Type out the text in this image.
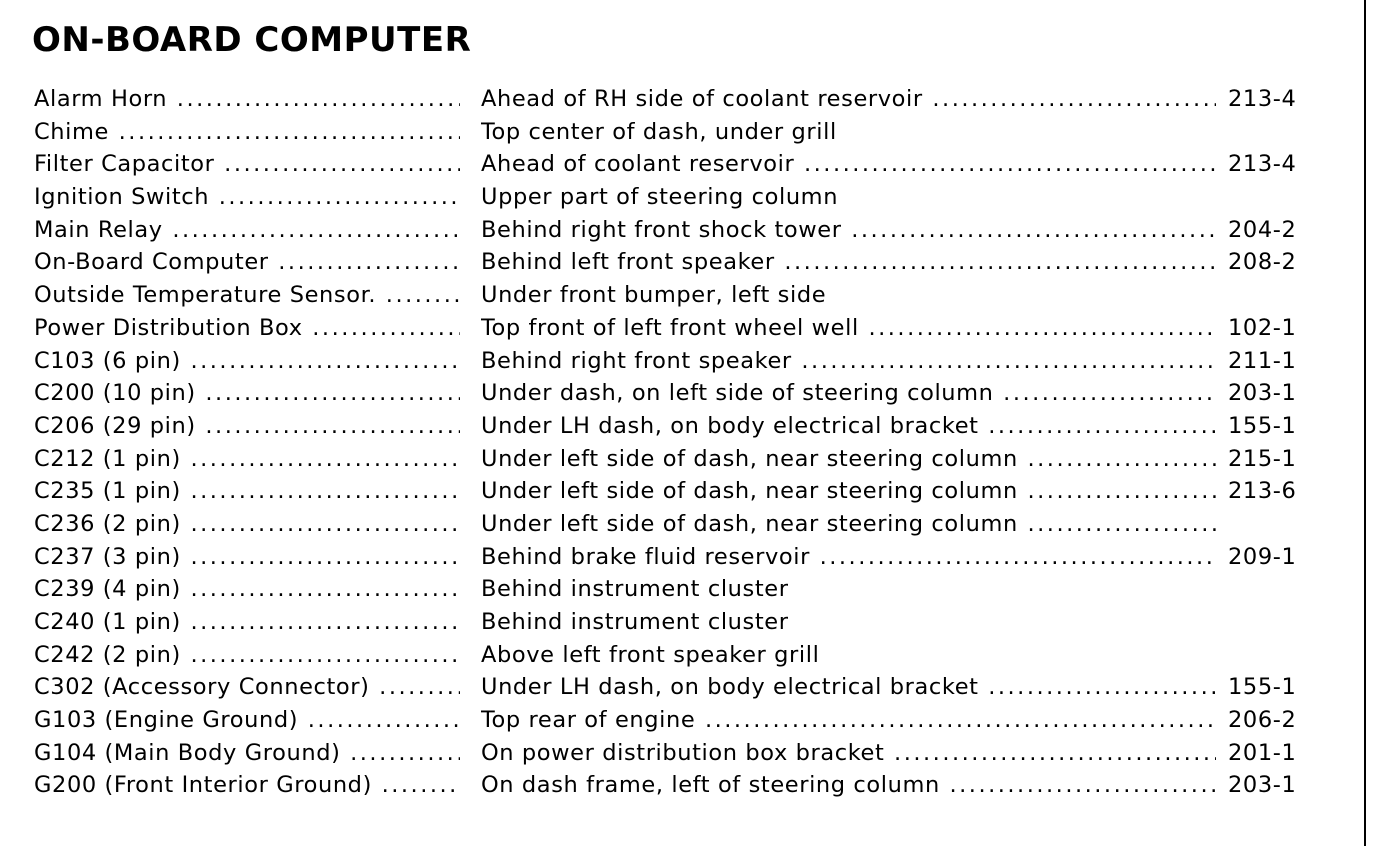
ON-BOARD COMPUTER
Alarm Horn .....	Ahead of RH side of coolant reservoir .....	213-4
Chime .....	Top center of dash, under grill
Filter Capacitor .....	Ahead of coolant reservoir .....	213-4
Ignition Switch .....	Upper part of steering column
Main Relay .....	Behind right front shock tower .....	204-2
On-Board Computer .....	Behind left front speaker .....	208-2
Outside Temperature Sensor. .....	Under front bumper, left side
Power Distribution Box .....	Top front of left front wheel well .....	102-1
C103 (6 pin) .....	Behind right front speaker .....	211-1
C200 (10 pin) .....	Under dash, on left side of steering column .....	203-1
C206 (29 pin) .....	Under LH dash, on body electrical bracket .....	155-1
C212 (1 pin) .....	Under left side of dash, near steering column .....	215-1
C235 (1 pin) .....	Under left side of dash, near steering column .....	213-6
C236 (2 pin) .....	Under left side of dash, near steering column .....
C237 (3 pin) .....	Behind brake fluid reservoir .....	209-1
C239 (4 pin) .....	Behind instrument cluster
C240 (1 pin) .....	Behind instrument cluster
C242 (2 pin) .....	Above left front speaker grill
C302 (Accessory Connector) .....	Under LH dash, on body electrical bracket .....	155-1
G103 (Engine Ground) .....	Top rear of engine .....	206-2
G104 (Main Body Ground) .....	On power distribution box bracket .....	201-1
G200 (Front Interior Ground) .....	On dash frame, left of steering column .....	203-1
